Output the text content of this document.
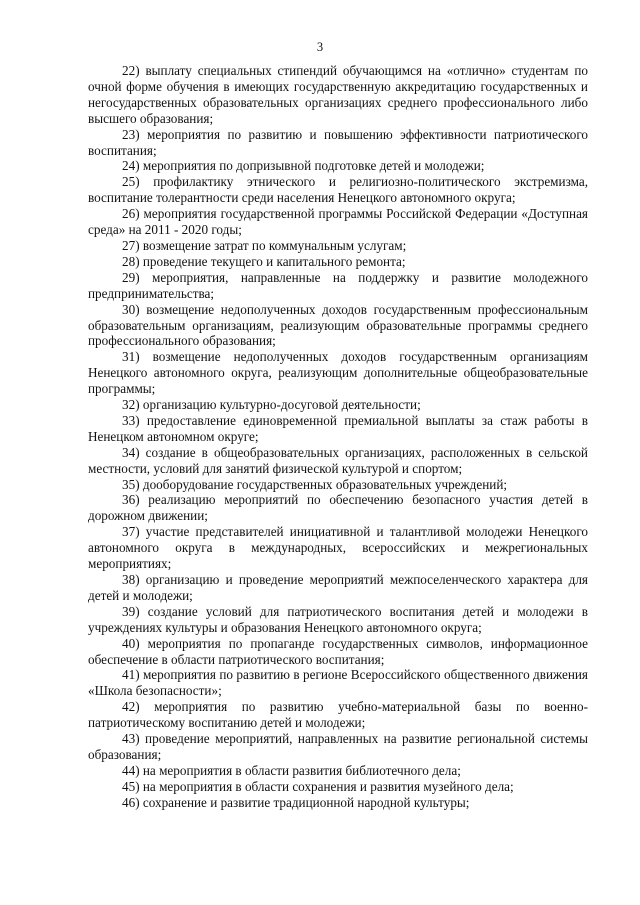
3

22) выплату специальных стипендий обучающимся на «отлично» студентам по очной форме обучения в имеющих государственную аккредитацию государственных и негосударственных образовательных организациях среднего профессионального либо высшего образования;

23) мероприятия по развитию и повышению эффективности патриотического воспитания;

24) мероприятия по допризывной подготовке детей и молодежи;

25) профилактику этнического и религиозно-политического экстремизма, воспитание толерантности среди населения Ненецкого автономного округа;

26) мероприятия государственной программы Российской Федерации «Доступная среда» на 2011 - 2020 годы;

27) возмещение затрат по коммунальным услугам;

28) проведение текущего и капитального ремонта;

29) мероприятия, направленные на поддержку и развитие молодежного предпринимательства;

30) возмещение недополученных доходов государственным профессиональным образовательным организациям, реализующим образовательные программы среднего профессионального образования;

31) возмещение недополученных доходов государственным организациям Ненецкого автономного округа, реализующим дополнительные общеобразовательные программы;

32) организацию культурно-досуговой деятельности;

33) предоставление единовременной премиальной выплаты за стаж работы в Ненецком автономном округе;

34) создание в общеобразовательных организациях, расположенных в сельской местности, условий для занятий физической культурой и спортом;

35) дооборудование государственных образовательных учреждений;

36) реализацию мероприятий по обеспечению безопасного участия детей в дорожном движении;

37) участие представителей инициативной и талантливой молодежи Ненецкого автономного округа в международных, всероссийских и межрегиональных мероприятиях;

38) организацию и проведение мероприятий межпоселенческого характера для детей и молодежи;

39) создание условий для патриотического воспитания детей и молодежи в учреждениях культуры и образования Ненецкого автономного округа;

40) мероприятия по пропаганде государственных символов, информационное обеспечение в области патриотического воспитания;

41) мероприятия по развитию в регионе Всероссийского общественного движения «Школа безопасности»;

42) мероприятия по развитию учебно-материальной базы по военно-патриотическому воспитанию детей и молодежи;

43) проведение мероприятий, направленных на развитие региональной системы образования;

44) на мероприятия в области развития библиотечного дела;

45) на мероприятия в области сохранения и развития музейного дела;

46) сохранение и развитие традиционной народной культуры;
